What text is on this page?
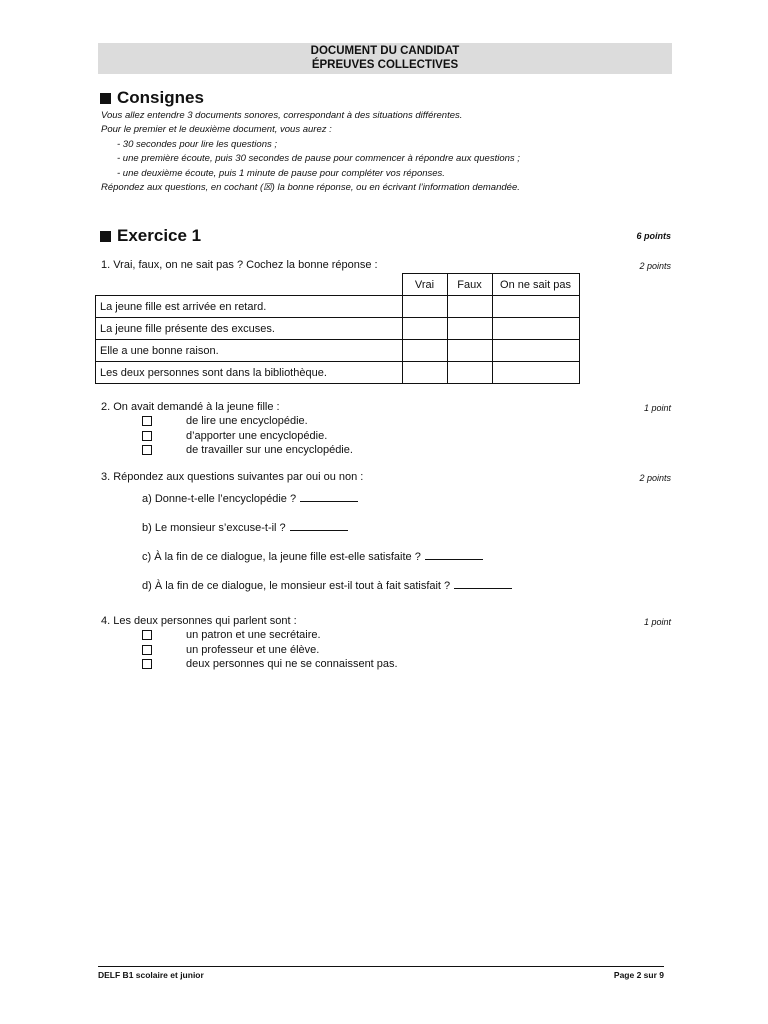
DOCUMENT DU CANDIDAT
ÉPREUVES COLLECTIVES
Consignes
Vous allez entendre 3 documents sonores, correspondant à des situations différentes.
Pour le premier et le deuxième document, vous aurez :
- 30 secondes pour lire les questions ;
- une première écoute, puis 30 secondes de pause pour commencer à répondre aux questions ;
- une deuxième écoute, puis 1 minute de pause pour compléter vos réponses.
Répondez aux questions, en cochant (☒) la bonne réponse, ou en écrivant l’information demandée.
Exercice 1	6 points
1. Vrai, faux, on ne sait pas ? Cochez la bonne réponse :	2 points
	Vrai	Faux	On ne sait pas
La jeune fille est arrivée en retard.			
La jeune fille présente des excuses.			
Elle a une bonne raison.			
Les deux personnes sont dans la bibliothèque.			
2. On avait demandé à la jeune fille :	1 point
de lire une encyclopédie.
d’apporter une encyclopédie.
de travailler sur une encyclopédie.
3. Répondez aux questions suivantes par oui ou non :	2 points
a) Donne-t-elle l’encyclopédie ?
b) Le monsieur s’excuse-t-il ?
c) À la fin de ce dialogue, la jeune fille est-elle satisfaite ?
d) À la fin de ce dialogue, le monsieur est-il tout à fait satisfait ?
4. Les deux personnes qui parlent sont :	1 point
un patron et une secrétaire.
un professeur et une élève.
deux personnes qui ne se connaissent pas.
DELF B1 scolaire et junior	Page 2 sur 9
